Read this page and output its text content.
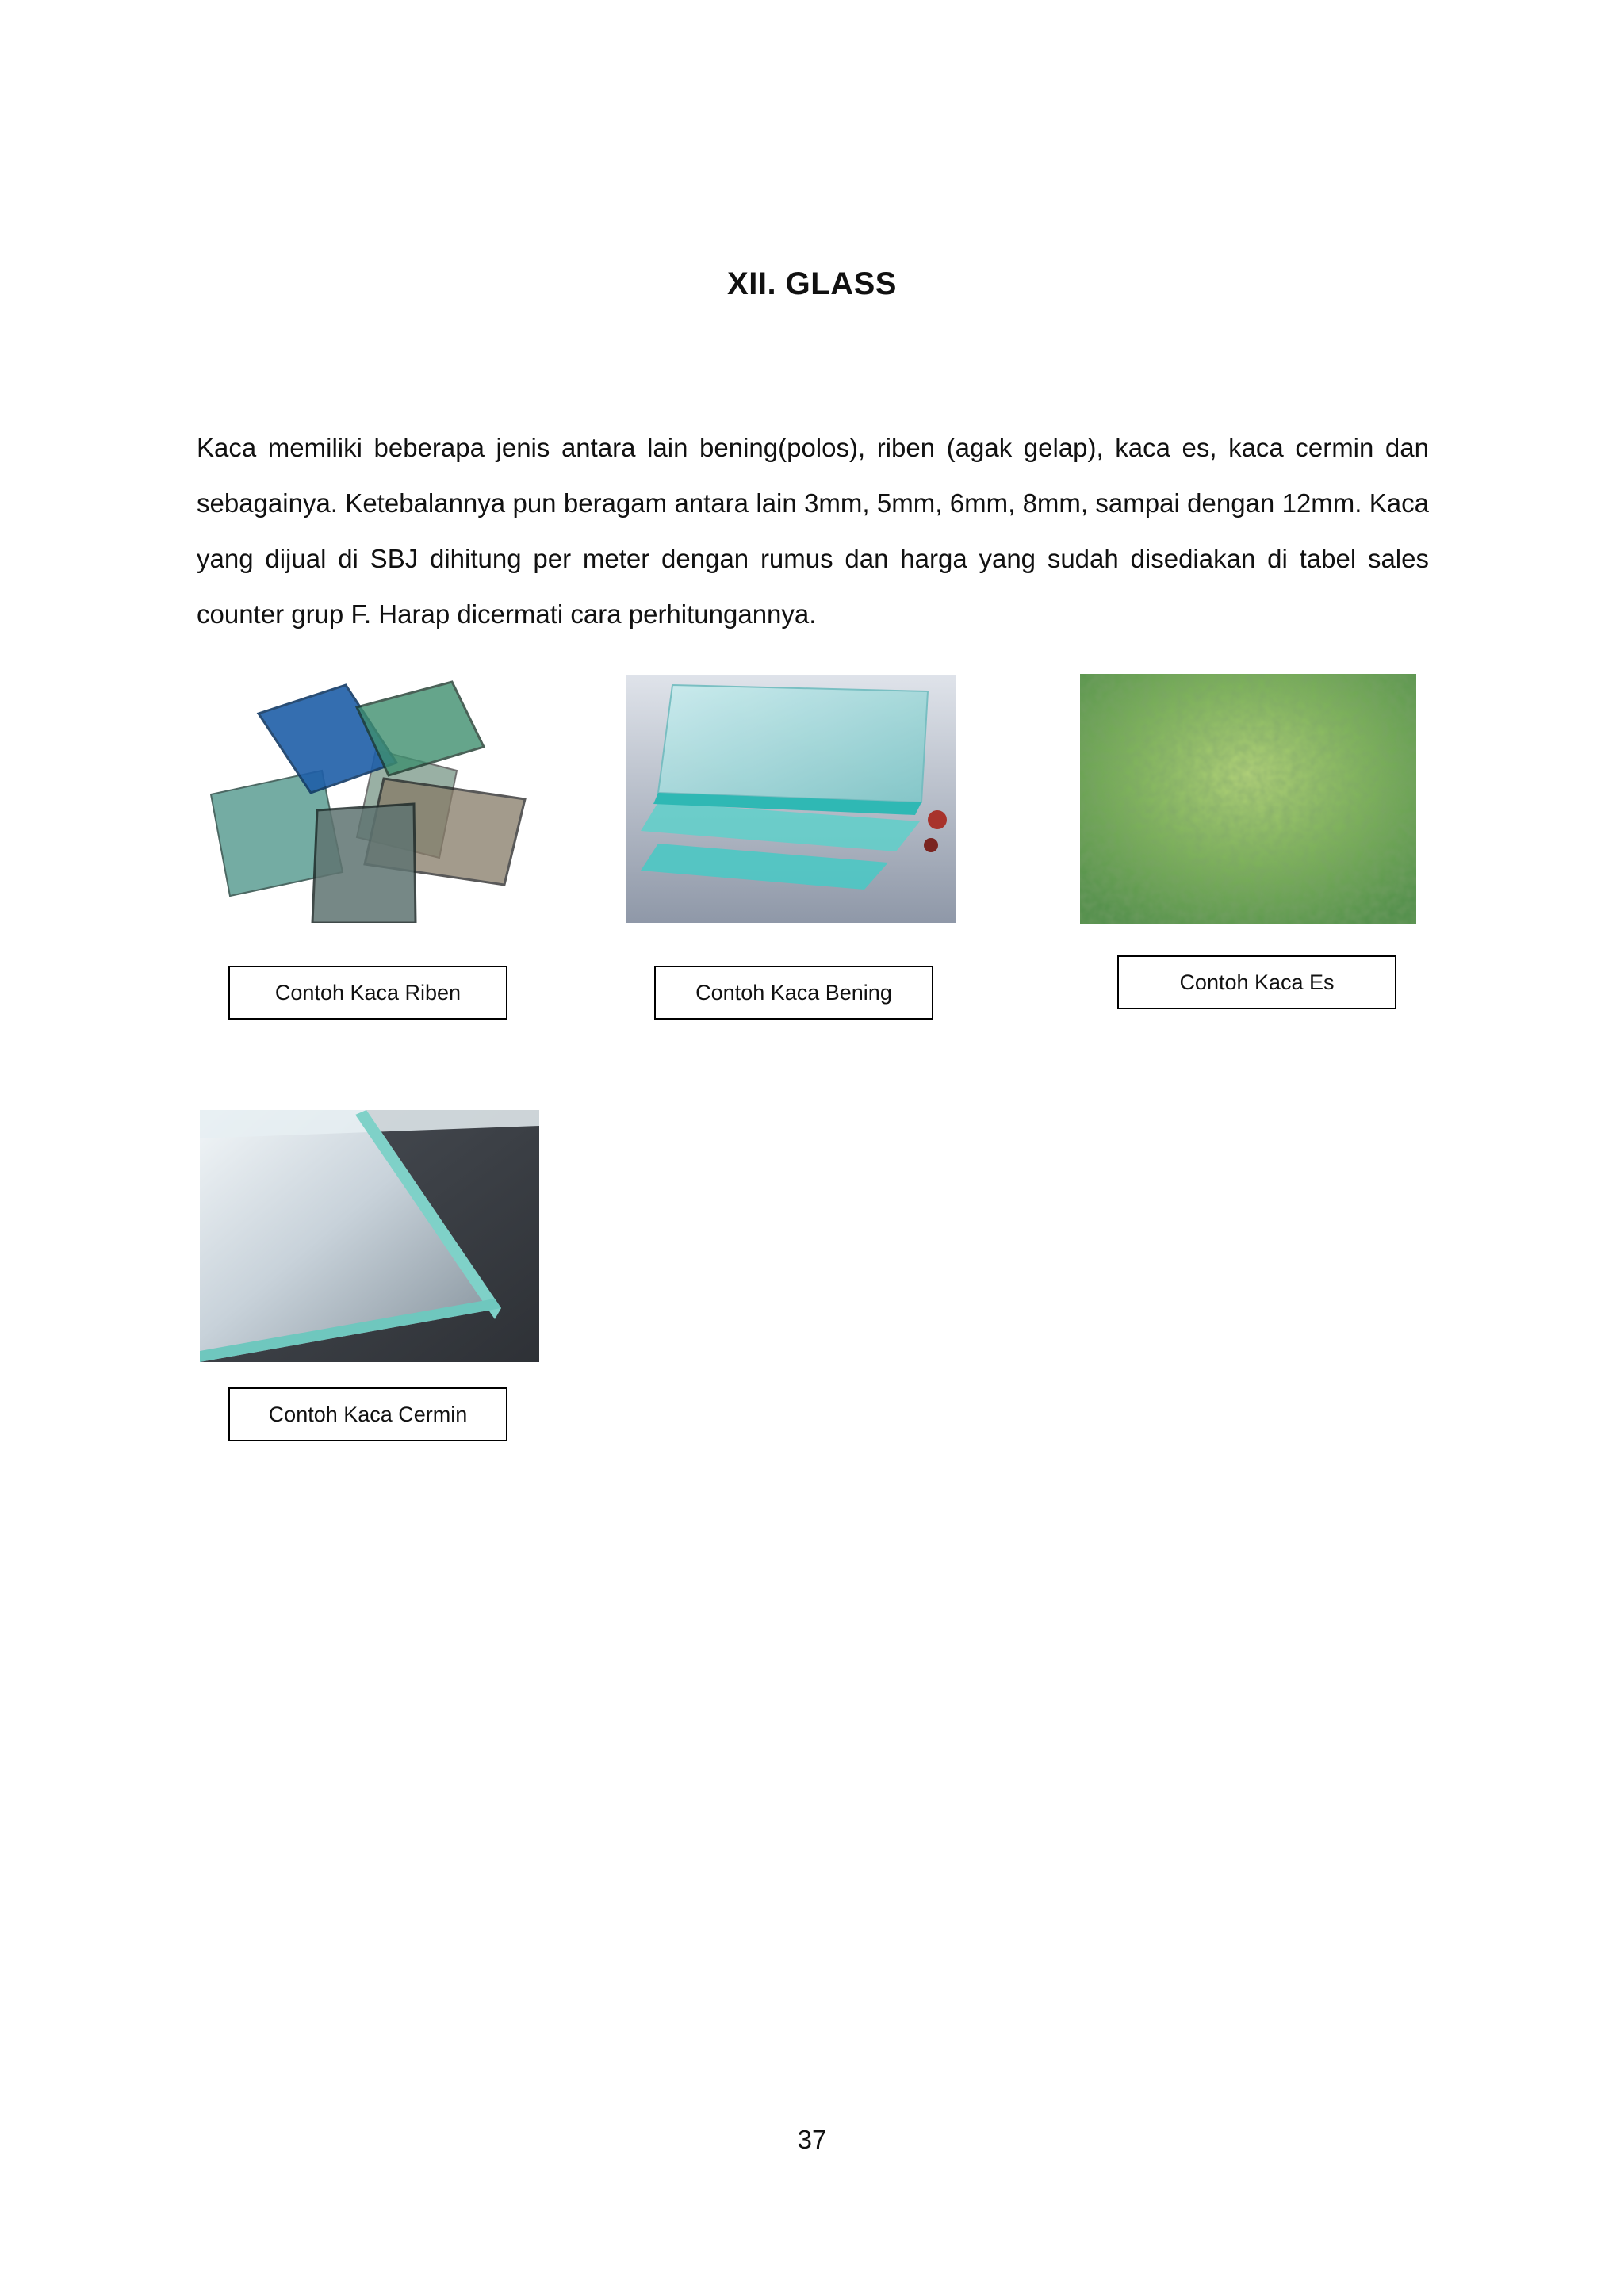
XII. GLASS
Kaca memiliki beberapa jenis antara lain bening(polos), riben (agak gelap), kaca es, kaca cermin dan sebagainya. Ketebalannya pun beragam antara lain 3mm, 5mm, 6mm, 8mm, sampai dengan 12mm. Kaca yang dijual di SBJ dihitung per meter dengan rumus dan harga yang sudah disediakan di tabel sales counter grup F. Harap dicermati cara perhitungannya.
Contoh Kaca Riben	Contoh Kaca Bening	Contoh Kaca Es
Contoh Kaca Cermin
37
